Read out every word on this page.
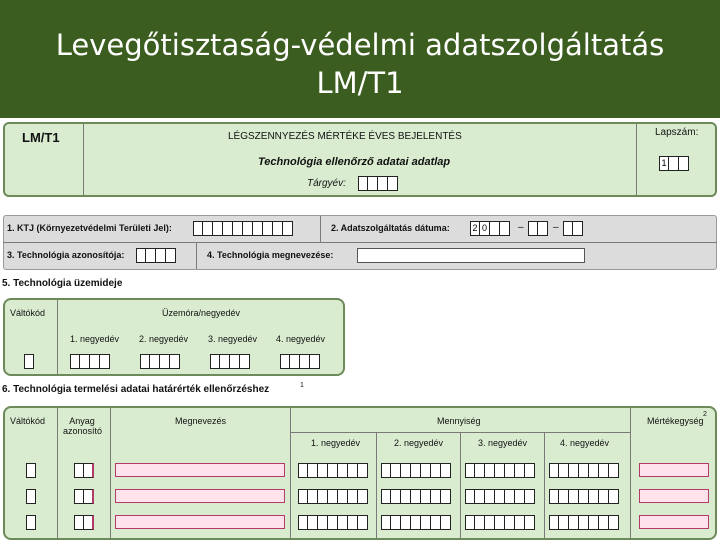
Levegőtisztaság-védelmi adatszolgáltatás
LM/T1
LM/T1	LÉGSZENNYEZÉS MÉRTÉKE ÉVES BEJELENTÉS
Technológia ellenőrző adatai adatlap
Tárgyév:
Lapszám:
1
1. KTJ (Környezetvédelmi Területi Jel):	2. Adatszolgáltatás dátuma:	2 0	–	–
3. Technológia azonosítója:	4. Technológia megnevezése:
5. Technológia üzemideje
Váltókód	Üzemóra/negyedév
1. negyedév 2. negyedév 3. negyedév 4. negyedév
6. Technológia termelési adatai határérték ellenőrzéshez	1
Váltókód	Anyag azonosító
Megnevezés	Mennyiség	Mértékegység
2
1. negyedév	2. negyedév	3. negyedév	4. negyedév
